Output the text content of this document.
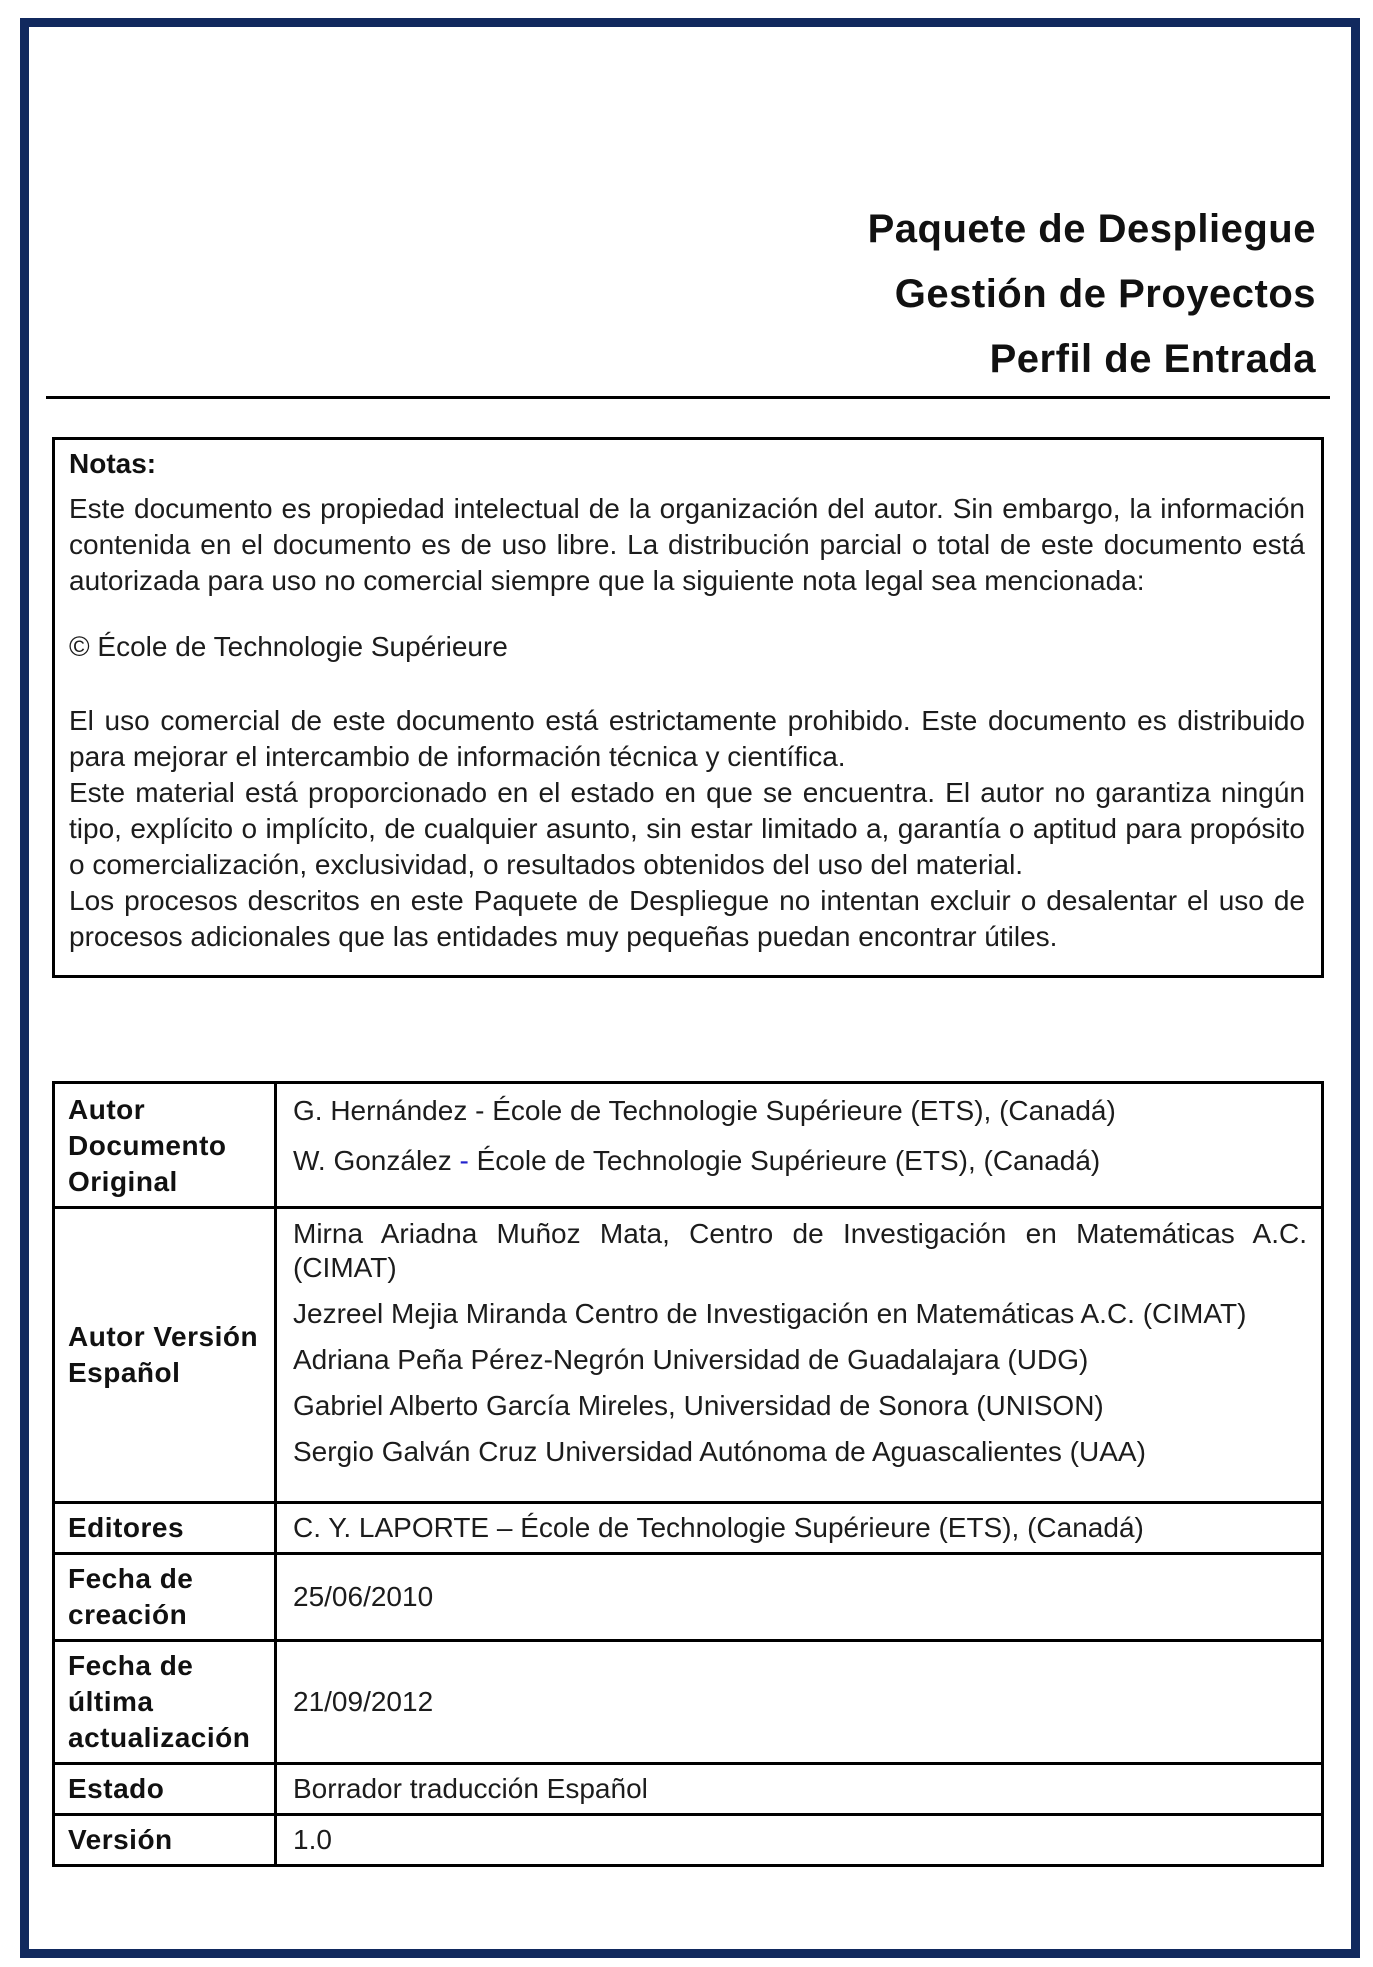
Paquete de Despliegue
Gestión de Proyectos
Perfil de Entrada
Notas:

Este documento es propiedad intelectual de la organización del autor. Sin embargo, la información contenida en el documento es de uso libre. La distribución parcial o total de este documento está autorizada para uso no comercial siempre que la siguiente nota legal sea mencionada:

© École de Technologie Supérieure

El uso comercial de este documento está estrictamente prohibido. Este documento es distribuido para mejorar el intercambio de información técnica y científica.

Este material está proporcionado en el estado en que se encuentra. El autor no garantiza ningún tipo, explícito o implícito, de cualquier asunto, sin estar limitado a, garantía o aptitud para propósito o comercialización, exclusividad, o resultados obtenidos del uso del material.

Los procesos descritos en este Paquete de Despliegue no intentan excluir o desalentar el uso de procesos adicionales que las entidades muy pequeñas puedan encontrar útiles.

Autor Documento Original	G. Hernández - École de Technologie Supérieure (ETS), (Canadá)

W. González - École de Technologie Supérieure (ETS), (Canadá)

Autor Versión Español	Mirna Ariadna Muñoz Mata, Centro de Investigación en Matemáticas A.C. (CIMAT)

Jezreel Mejia Miranda Centro de Investigación en Matemáticas A.C. (CIMAT)

Adriana Peña Pérez-Negrón Universidad de Guadalajara (UDG)

Gabriel Alberto García Mireles, Universidad de Sonora (UNISON)

Sergio Galván Cruz Universidad Autónoma de Aguascalientes (UAA)

Editores	C. Y. LAPORTE – École de Technologie Supérieure (ETS), (Canadá)
Fecha de creación	25/06/2010
Fecha de última actualización	21/09/2012
Estado	Borrador traducción Español
Versión	1.0
